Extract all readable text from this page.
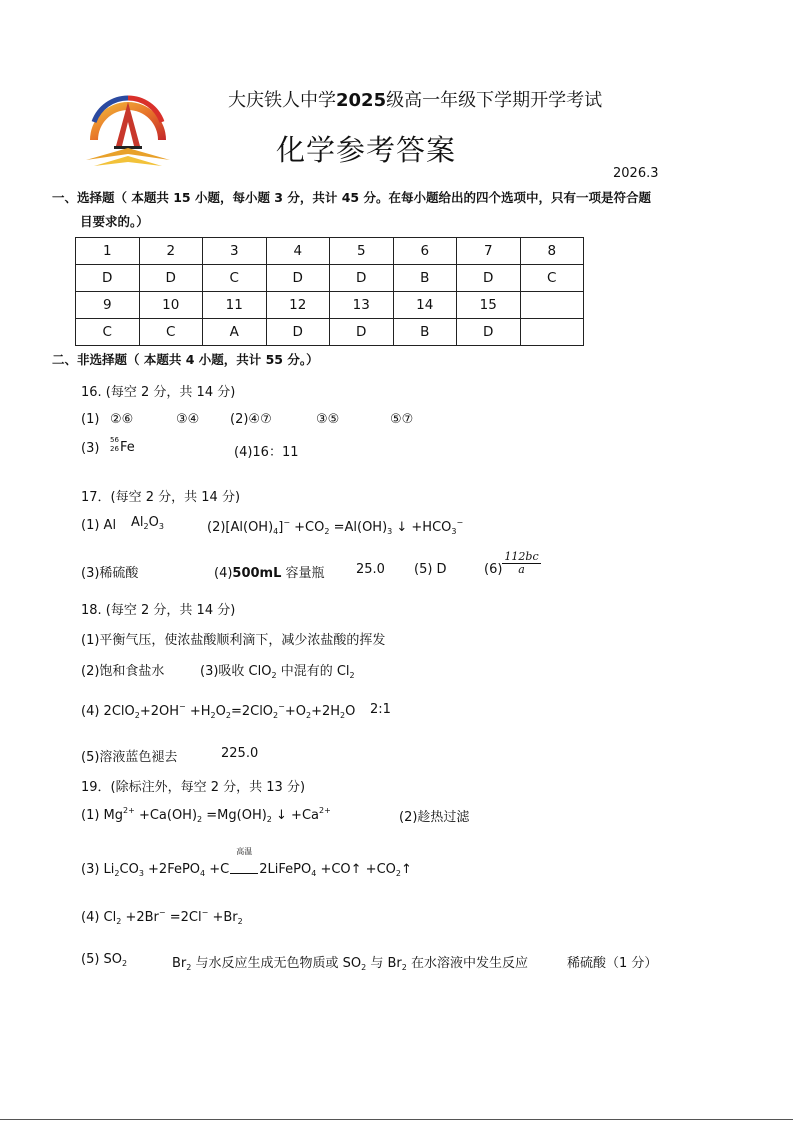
大庆铁人中学2025级高一年级下学期开学考试
化学参考答案
2026.3
一、选择题（ 本题共 15 小题，每小题 3 分，共计 45 分。在每小题给出的四个选项中，只有一项是符合题
目要求的。）
1	2	3	4	5	6	7	8
D	D	C	D	D	B	D	C
9	10	11	12	13	14	15	
C	C	A	D	D	B	D	
二、非选择题（ 本题共 4 小题，共计 55 分。）
16. (每空 2 分，共 14 分)
(1) ②⑥	③④ (2)④⑦	③⑤	⑤⑦
(3)
56
26 Fe	(4)16：11
17．(每空 2 分，共 14 分)
(1) Al $Al_2O_3$	$(2)[Al(OH)_4]^- +CO_2 =Al(OH)_3$ ↓ $+HCO_3^-$
(3)稀硫酸	(4)500mL 容量瓶 25.0 (5) D	$(6) \frac{112bc}{a}$
18. (每空 2 分，共 14 分)
(1)平衡气压，使浓盐酸顺利滴下，减少浓盐酸的挥发
(2)饱和食盐水	(3)吸收 ClO$_2$ 中混有的 $Cl_2$
(4) $2ClO_2+2OH^- +H_2O_2=2ClO_2^-+O_2+2H_2O$ 2:1
(5)溶液蓝色褪去	225.0
19．(除标注外，每空 2 分，共 13 分)
(1) $Mg^{2+} +Ca(OH)_2 =Mg(OH)_2$ ↓ $+Ca^{2+}$	(2)趁热过滤
(3) $Li_2CO_3$ +2FePO$_4$ +C
高温
2LiFePO$_4$ +CO↑ $+CO_2↑$
(4) $Cl_2 +2Br^- =2Cl^- +Br_2$
(5) $SO_2$	$Br_2$ 与水反应生成无色物质或 $SO_2$ 与 $Br_2$ 在水溶液中发生反应	稀硫酸（1 分）
